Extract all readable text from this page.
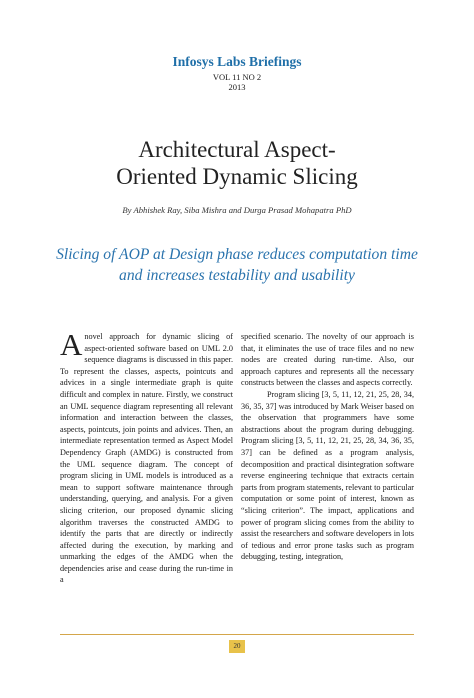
Infosys Labs Briefings
VOL 11 NO 2
2013
Architectural Aspect-
Oriented Dynamic Slicing
By Abhishek Ray, Siba Mishra and Durga Prasad Mohapatra PhD
Slicing of AOP at Design phase reduces computation time and increases testability and usability
A novel approach for dynamic slicing of aspect-oriented software based on UML 2.0 sequence diagrams is discussed in this paper. To represent the classes, aspects, pointcuts and advices in a single intermediate graph is quite difficult and complex in nature. Firstly, we construct an UML sequence diagram representing all relevant information and interaction between the classes, aspects, pointcuts, join points and advices. Then, an intermediate representation termed as Aspect Model Dependency Graph (AMDG) is constructed from the UML sequence diagram. The concept of program slicing in UML models is introduced as a mean to support software maintenance through understanding, querying, and analysis. For a given slicing criterion, our proposed dynamic slicing algorithm traverses the constructed AMDG to identify the parts that are directly or indirectly affected during the execution, by marking and unmarking the edges of the AMDG when the dependencies arise and cease during the run-time in a

specified scenario. The novelty of our approach is that, it eliminates the use of trace files and no new nodes are created during run-time. Also, our approach captures and represents all the necessary constructs between the classes and aspects correctly.

Program slicing [3, 5, 11, 12, 21, 25, 28, 34, 36, 35, 37] was introduced by Mark Weiser based on the observation that programmers have some abstractions about the program during debugging. Program slicing [3, 5, 11, 12, 21, 25, 28, 34, 36, 35, 37] can be defined as a program analysis, decomposition and practical disintegration software reverse engineering technique that extracts certain parts from program statements, relevant to particular computation or some point of interest, known as “slicing criterion”. The impact, applications and power of program slicing comes from the ability to assist the researchers and software developers in lots of tedious and error prone tasks such as program debugging, testing, integration,

20
